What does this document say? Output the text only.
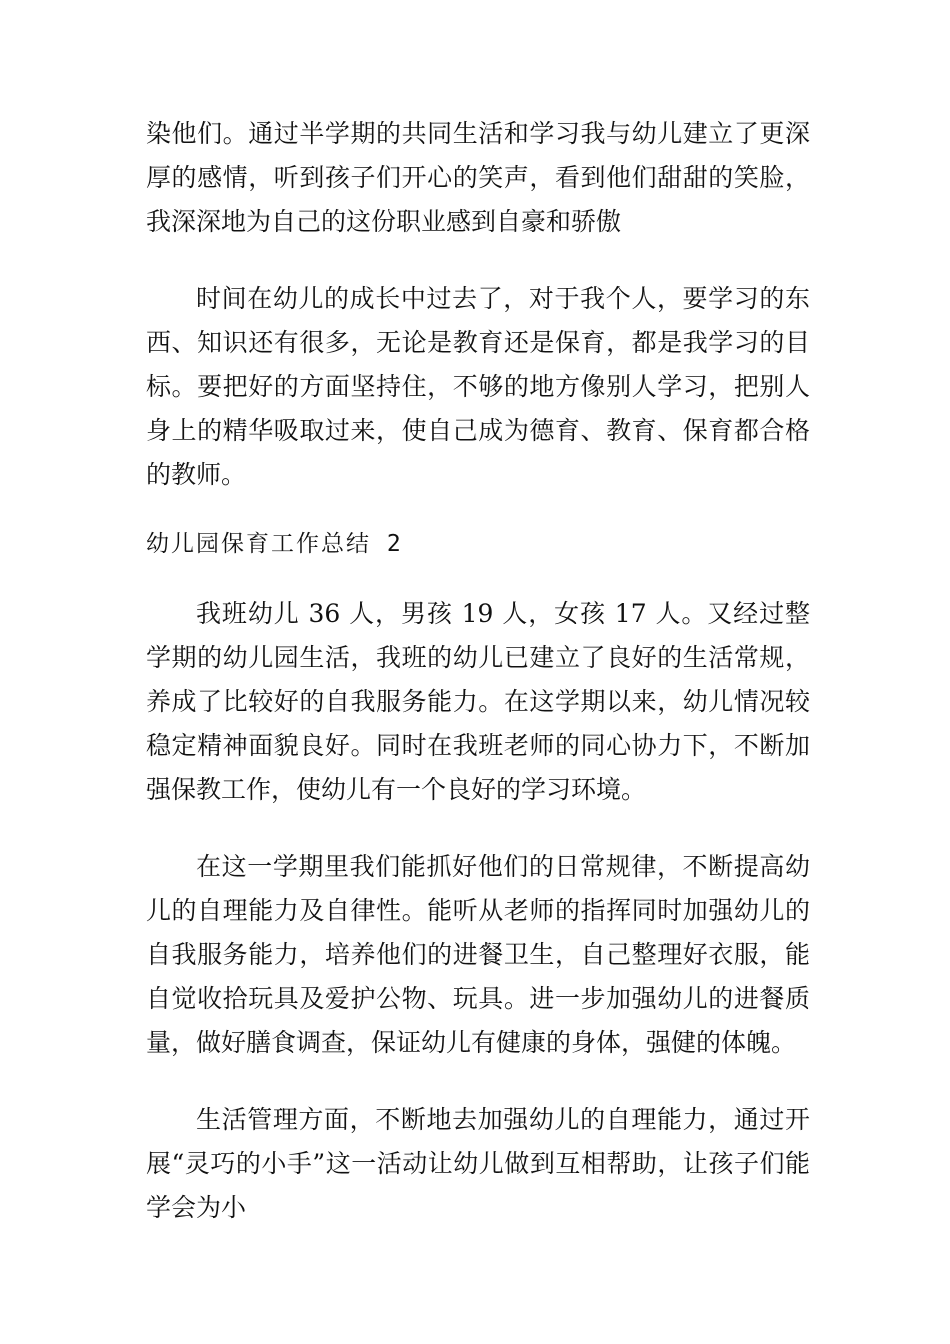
染他们。通过半学期的共同生活和学习我与幼儿建立了更深厚的感情，听到孩子们开心的笑声，看到他们甜甜的笑脸，我深深地为自己的这份职业感到自豪和骄傲

时间在幼儿的成长中过去了，对于我个人，要学习的东西、知识还有很多，无论是教育还是保育，都是我学习的目标。要把好的方面坚持住，不够的地方像别人学习，把别人身上的精华吸取过来，使自己成为德育、教育、保育都合格的教师。

幼儿园保育工作总结 2

我班幼儿 36 人，男孩 19 人，女孩 17 人。又经过整学期的幼儿园生活，我班的幼儿已建立了良好的生活常规，养成了比较好的自我服务能力。在这学期以来，幼儿情况较稳定精神面貌良好。同时在我班老师的同心协力下，不断加强保教工作，使幼儿有一个良好的学习环境。

在这一学期里我们能抓好他们的日常规律，不断提高幼儿的自理能力及自律性。能听从老师的指挥同时加强幼儿的自我服务能力，培养他们的进餐卫生，自己整理好衣服，能自觉收拾玩具及爱护公物、玩具。进一步加强幼儿的进餐质量，做好膳食调查，保证幼儿有健康的身体，强健的体魄。

生活管理方面，不断地去加强幼儿的自理能力，通过开展“灵巧的小手”这一活动让幼儿做到互相帮助，让孩子们能学会为小
